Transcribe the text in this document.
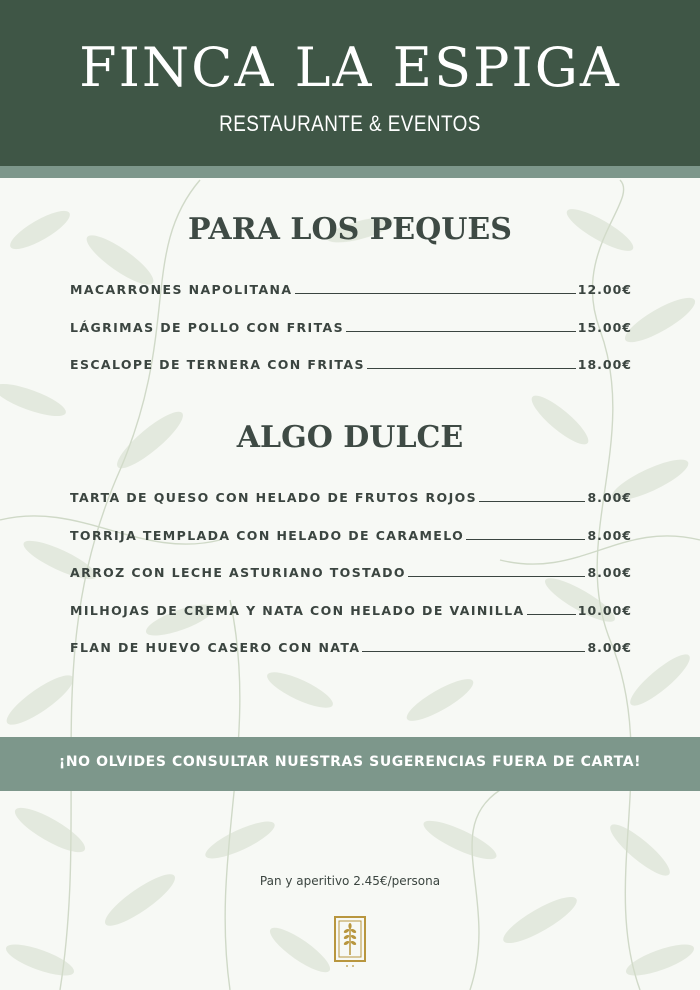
FINCA LA ESPIGA
RESTAURANTE & EVENTOS
PARA LOS PEQUES
MACARRONES NAPOLITANA	12.00€
LÁGRIMAS DE POLLO CON FRITAS	15.00€
ESCALOPE DE TERNERA CON FRITAS	18.00€
ALGO DULCE
TARTA DE QUESO CON HELADO DE FRUTOS ROJOS	8.00€
TORRIJA TEMPLADA CON HELADO DE CARAMELO	8.00€
ARROZ CON LECHE ASTURIANO TOSTADO	8.00€
MILHOJAS DE CREMA Y NATA CON HELADO DE VAINILLA	10.00€
FLAN DE HUEVO CASERO CON NATA	8.00€
¡NO OLVIDES CONSULTAR NUESTRAS SUGERENCIAS FUERA DE CARTA!
Pan y aperitivo 2.45€/persona
